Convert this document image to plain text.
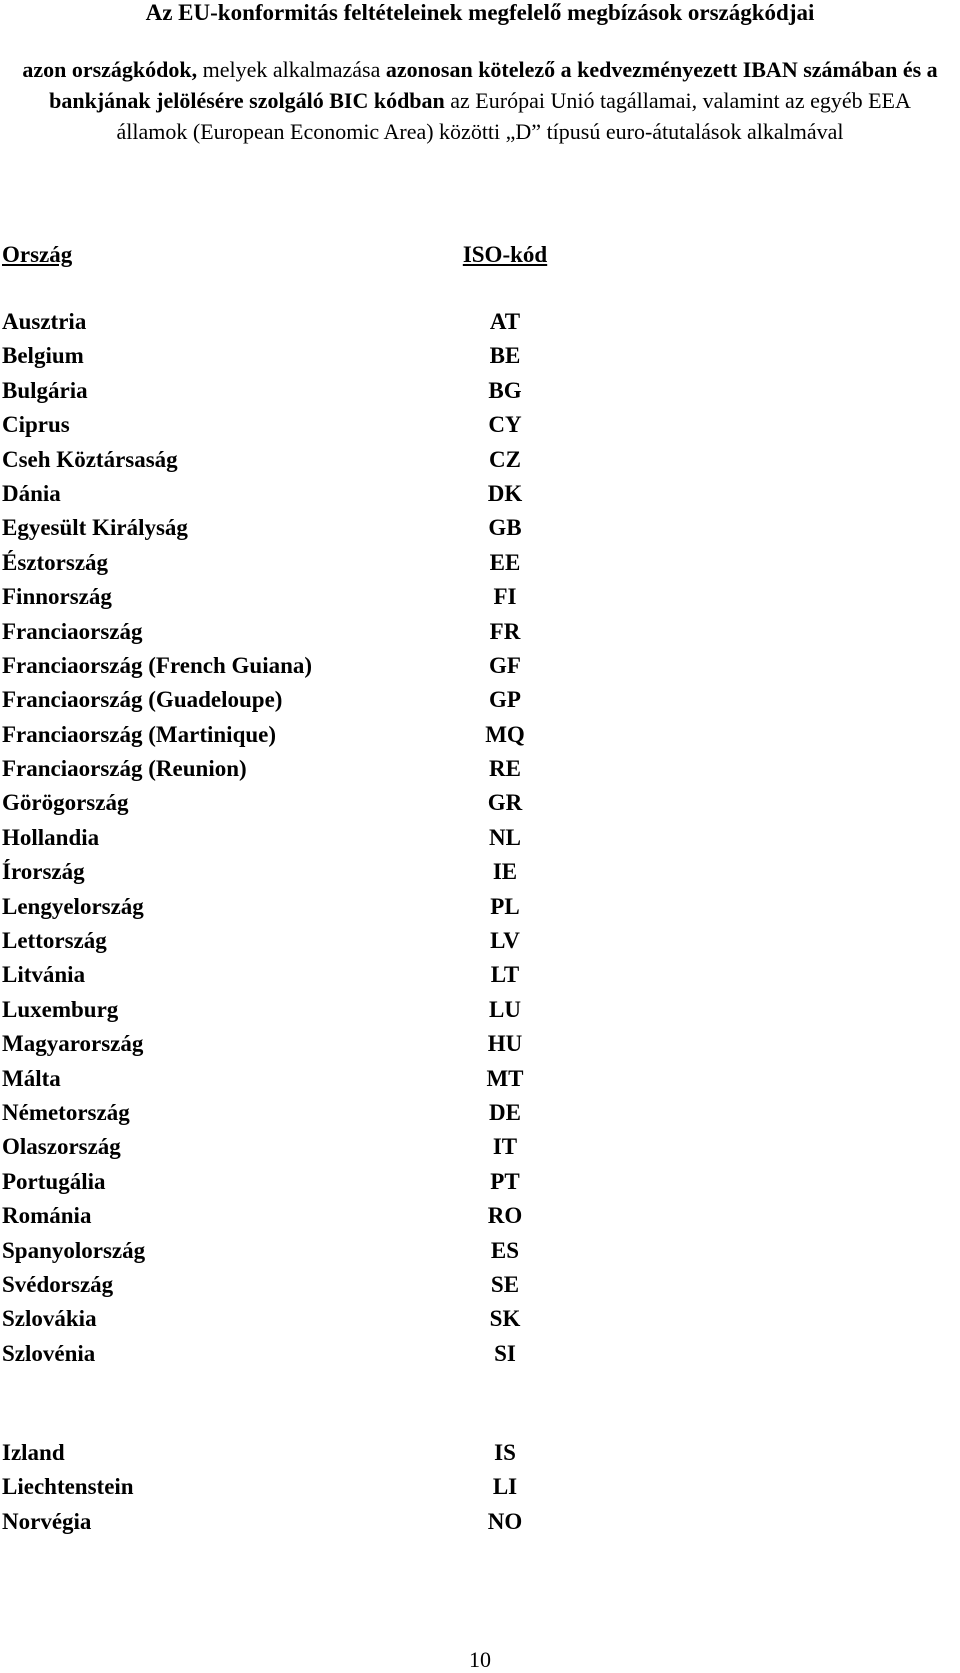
Az EU-konformitás feltételeinek megfelelő megbízások országkódjai
azon országkódok, melyek alkalmazása azonosan kötelező a kedvezményezett IBAN számában és a bankjának jelölésére szolgáló BIC kódban az Európai Unió tagállamai, valamint az egyéb EEA államok (European Economic Area) közötti „D” típusú euro-átutalások alkalmával
Ország	ISO-kód
Ausztria
Belgium
Bulgária
Ciprus
Cseh Köztársaság
Dánia
Egyesült Királyság
Észtország
Finnország
Franciaország
Franciaország (French Guiana)
Franciaország (Guadeloupe)
Franciaország (Martinique)
Franciaország (Reunion)
Görögország
Hollandia
Írország
Lengyelország
Lettország
Litvánia
Luxemburg
Magyarország
Málta
Németország
Olaszország
Portugália
Románia
Spanyolország
Svédország
Szlovákia
Szlovénia
AT
BE
BG
CY
CZ
DK
GB
EE
FI
FR
GF
GP
MQ
RE
GR
NL
IE
PL
LV
LT
LU
HU
MT
DE
IT
PT
RO
ES
SE
SK
SI
Izland
Liechtenstein
Norvégia
IS
LI
NO
10
